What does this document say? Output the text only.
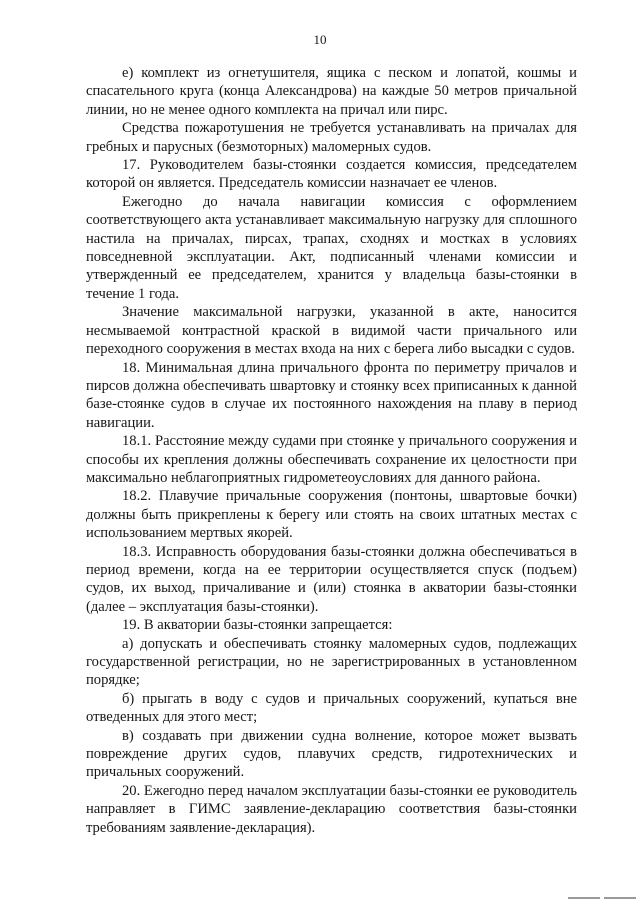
10

е) комплект из огнетушителя, ящика с песком и лопатой, кошмы и спасательного круга (конца Александрова) на каждые 50 метров причальной линии, но не менее одного комплекта на причал или пирс.

Средства пожаротушения не требуется устанавливать на причалах для гребных и парусных (безмоторных) маломерных судов.

17. Руководителем базы-стоянки создается комиссия, председателем которой он является. Председатель комиссии назначает ее членов.

Ежегодно до начала навигации комиссия с оформлением соответствующего акта устанавливает максимальную нагрузку для сплошного настила на причалах, пирсах, трапах, сходнях и мостках в условиях повседневной эксплуатации. Акт, подписанный членами комиссии и утвержденный ее председателем, хранится у владельца базы-стоянки в течение 1 года.

Значение максимальной нагрузки, указанной в акте, наносится несмываемой контрастной краской в видимой части причального или переходного сооружения в местах входа на них с берега либо высадки с судов.

18. Минимальная длина причального фронта по периметру причалов и пирсов должна обеспечивать швартовку и стоянку всех приписанных к данной базе-стоянке судов в случае их постоянного нахождения на плаву в период навигации.

18.1. Расстояние между судами при стоянке у причального сооружения и способы их крепления должны обеспечивать сохранение их целостности при максимально неблагоприятных гидрометеоусловиях для данного района.

18.2. Плавучие причальные сооружения (понтоны, швартовые бочки) должны быть прикреплены к берегу или стоять на своих штатных местах с использованием мертвых якорей.

18.3. Исправность оборудования базы-стоянки должна обеспечиваться в период времени, когда на ее территории осуществляется спуск (подъем) судов, их выход, причаливание и (или) стоянка в акватории базы-стоянки (далее – эксплуатация базы-стоянки).

19. В акватории базы-стоянки запрещается:

а) допускать и обеспечивать стоянку маломерных судов, подлежащих государственной регистрации, но не зарегистрированных в установленном порядке;

б) прыгать в воду с судов и причальных сооружений, купаться вне отведенных для этого мест;

в) создавать при движении судна волнение, которое может вызвать повреждение других судов, плавучих средств, гидротехнических и причальных сооружений.

20. Ежегодно перед началом эксплуатации базы-стоянки ее руководитель направляет в ГИМС заявление-декларацию соответствия базы-стоянки требованиям заявление-декларация).
